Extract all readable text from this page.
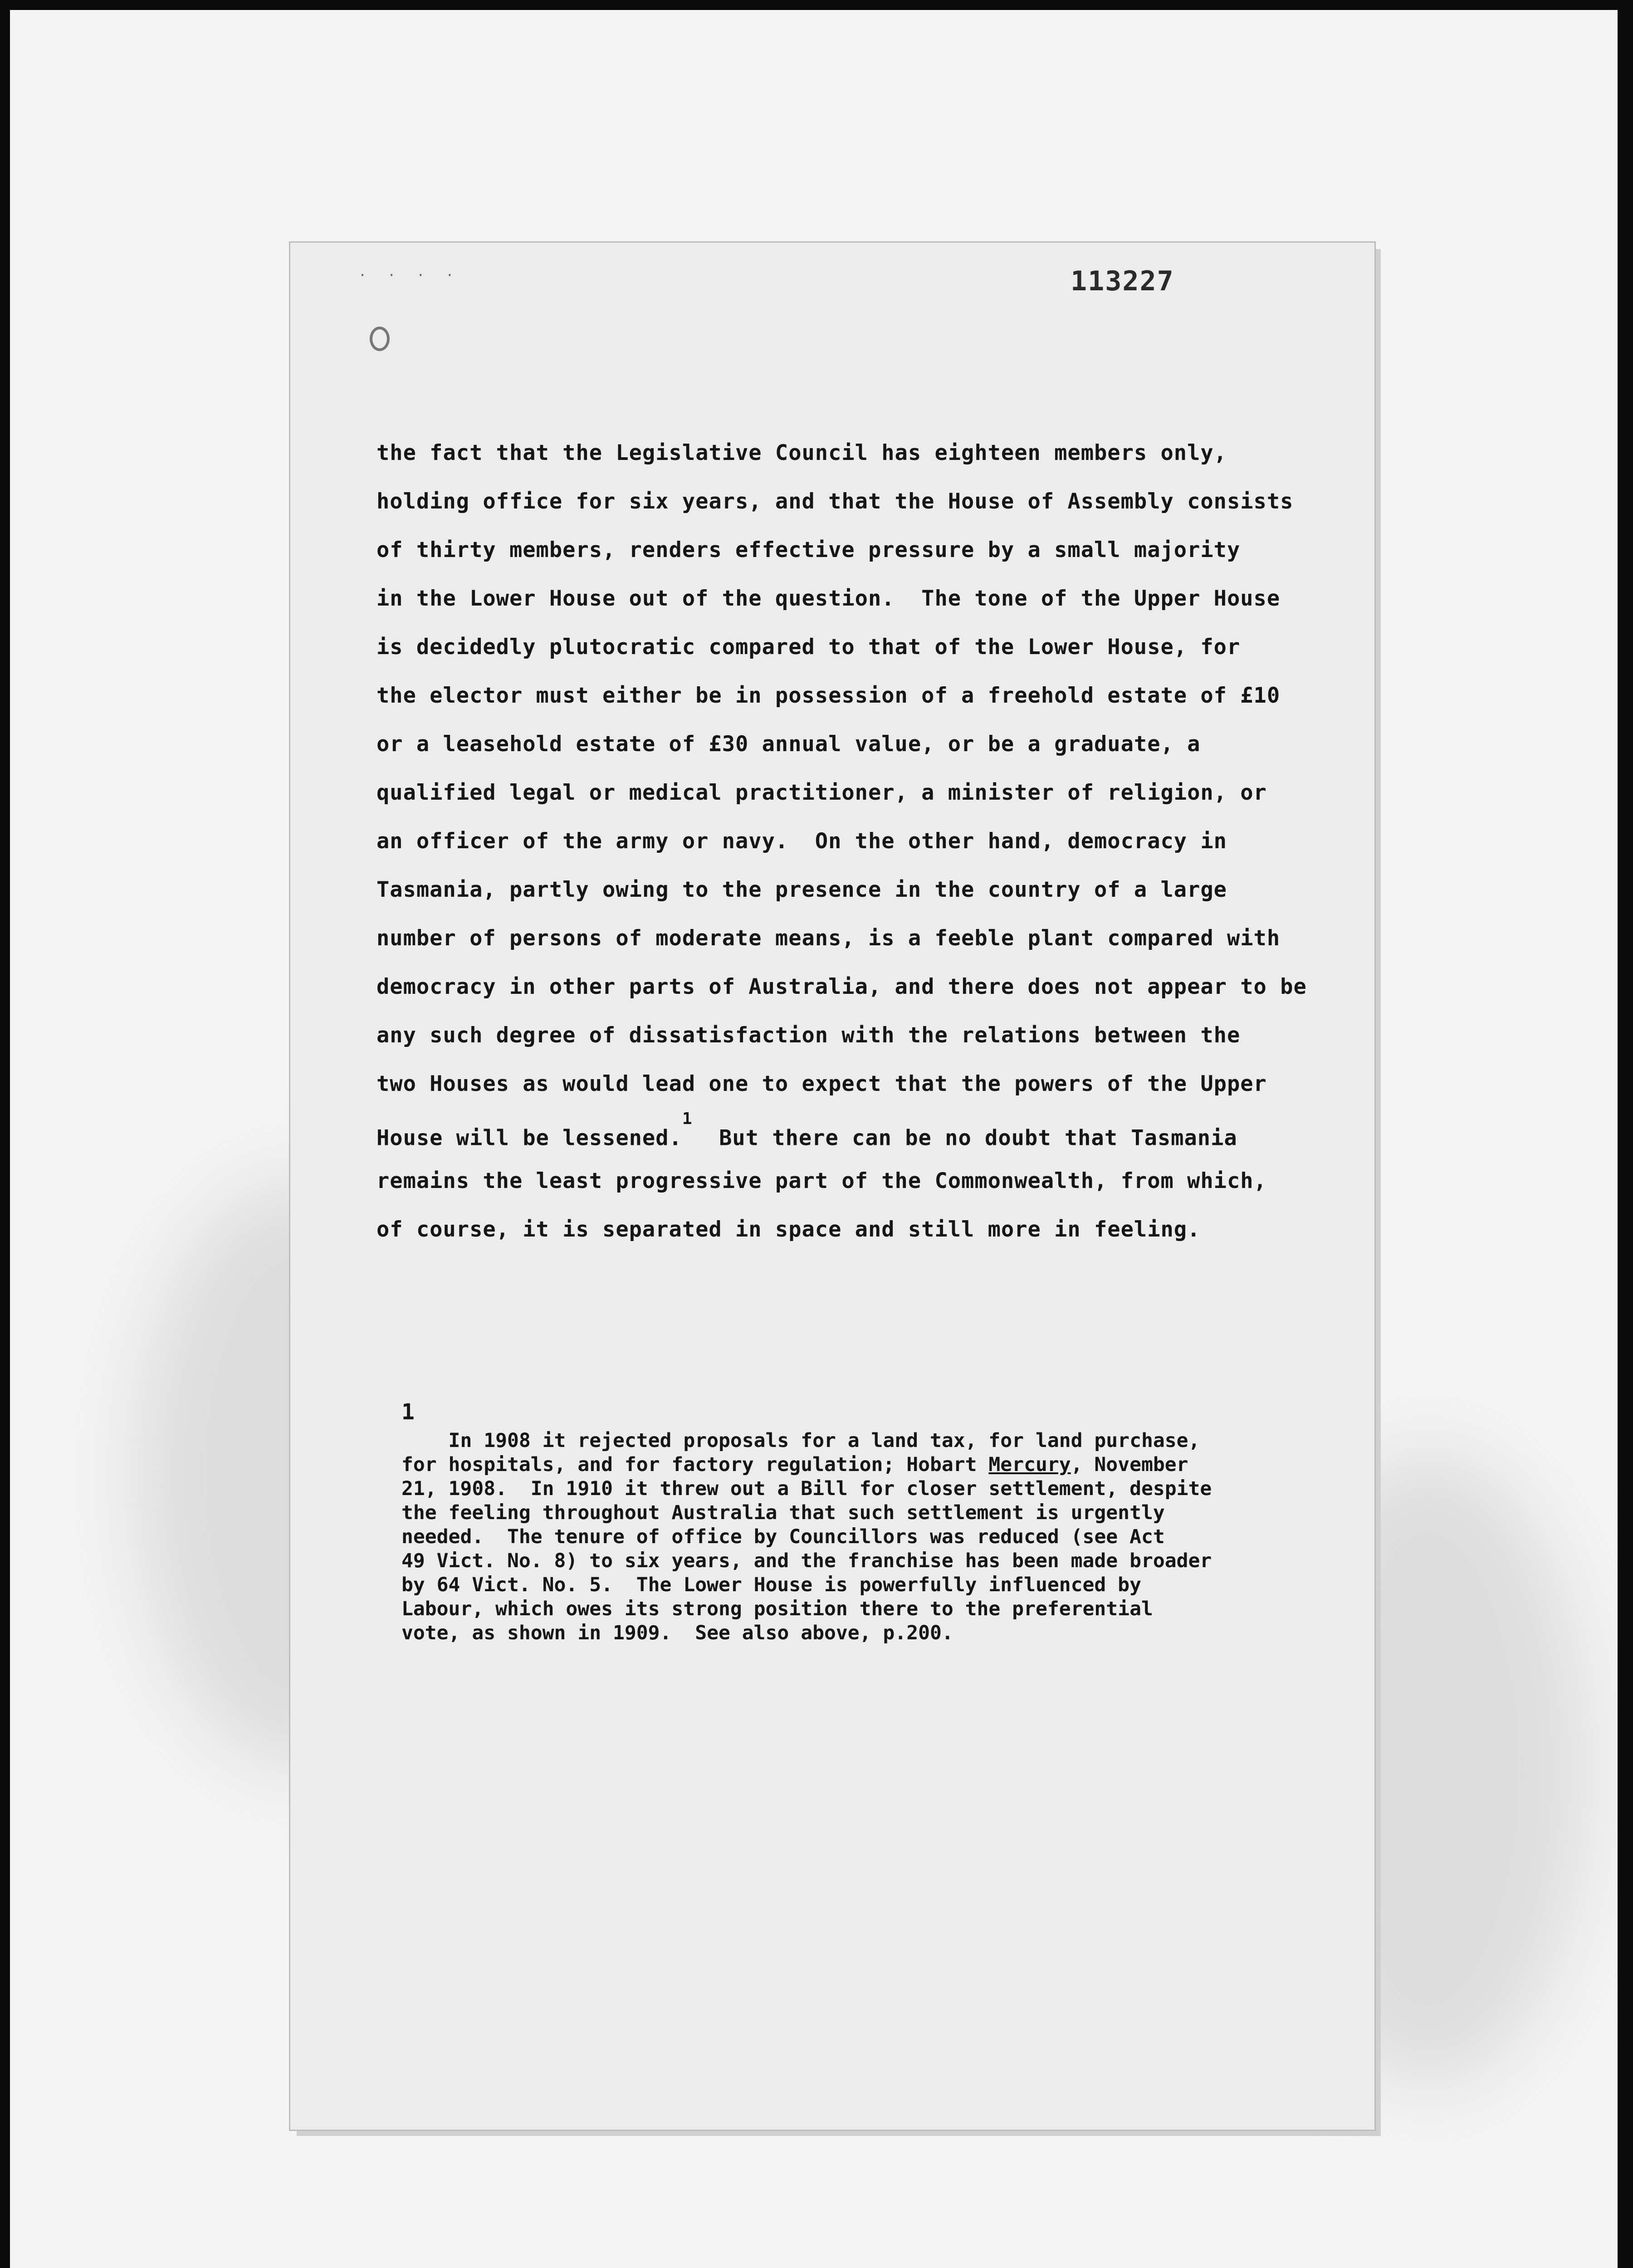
· · · ·	113227
the fact that the Legislative Council has eighteen members only,
holding office for six years, and that the House of Assembly consists
of thirty members, renders effective pressure by a small majority
in the Lower House out of the question.  The tone of the Upper House
is decidedly plutocratic compared to that of the Lower House, for
the elector must either be in possession of a freehold estate of £10
or a leasehold estate of £30 annual value, or be a graduate, a
qualified legal or medical practitioner, a minister of religion, or
an officer of the army or navy.  On the other hand, democracy in
Tasmania, partly owing to the presence in the country of a large
number of persons of moderate means, is a feeble plant compared with
democracy in other parts of Australia, and there does not appear to be
any such degree of dissatisfaction with the relations between the
two Houses as would lead one to expect that the powers of the Upper
House will be lessened.$^1$  But there can be no doubt that Tasmania
remains the least progressive part of the Commonwealth, from which,
of course, it is separated in space and still more in feeling.
1
In 1908 it rejected proposals for a land tax, for land purchase,
for hospitals, and for factory regulation; Hobart Mercury, November
21, 1908.  In 1910 it threw out a Bill for closer settlement, despite
the feeling throughout Australia that such settlement is urgently
needed.  The tenure of office by Councillors was reduced (see Act
49 Vict. No. 8) to six years, and the franchise has been made broader
by 64 Vict. No. 5.  The Lower House is powerfully influenced by
Labour, which owes its strong position there to the preferential
vote, as shown in 1909.  See also above, p.200.
